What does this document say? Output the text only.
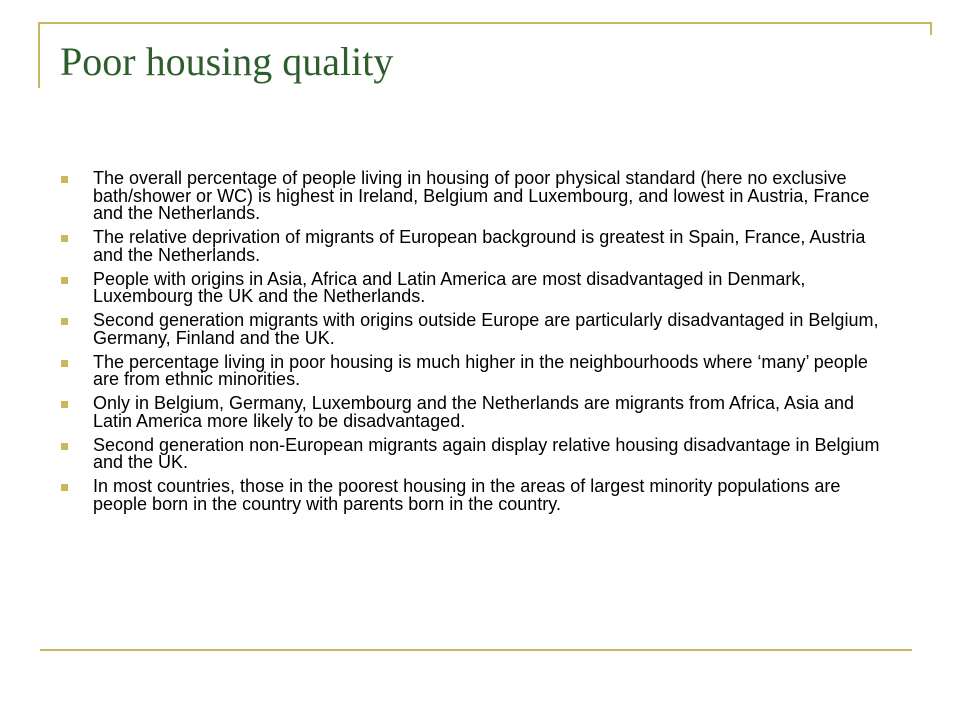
Poor housing quality
The overall percentage of people living in housing of poor physical standard (here no exclusive bath/shower or WC) is highest in Ireland, Belgium and Luxembourg, and lowest in Austria, France and the Netherlands.
The relative deprivation of migrants of European background is greatest in Spain, France, Austria and the Netherlands.
People with origins in Asia, Africa and Latin America are most disadvantaged in Denmark, Luxembourg the UK and the Netherlands.
Second generation migrants with origins outside Europe are particularly disadvantaged in Belgium, Germany, Finland and the UK.
The percentage living in poor housing is much higher in the neighbourhoods where ‘many’ people are from ethnic minorities.
Only in Belgium, Germany, Luxembourg and the Netherlands are migrants from Africa, Asia and Latin America more likely to be disadvantaged.
Second generation non-European migrants again display relative housing disadvantage in Belgium and the UK.
In most countries, those in the poorest housing in the areas of largest minority populations are people born in the country with parents born in the country.
